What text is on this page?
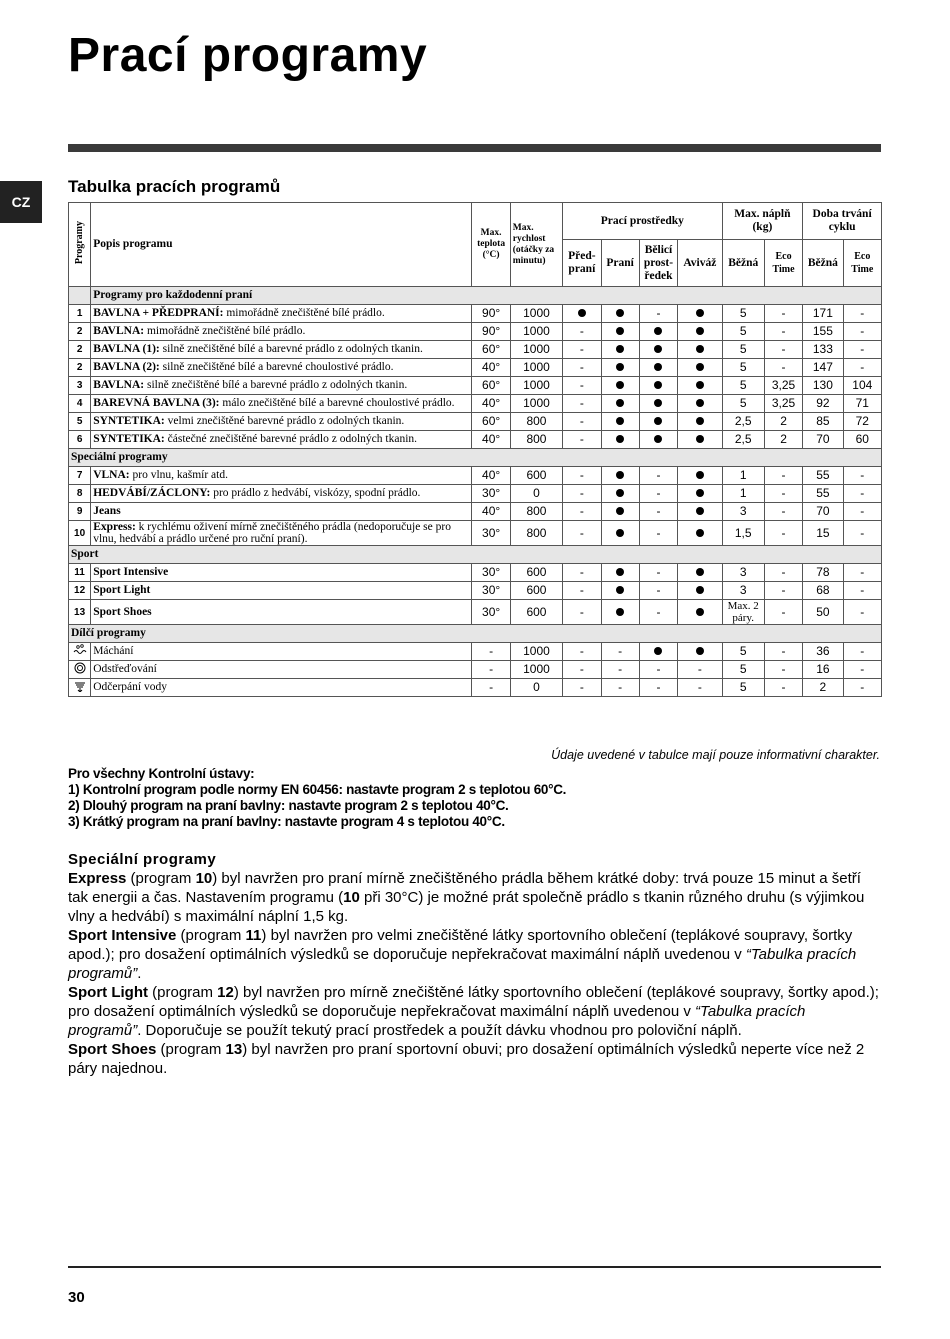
Prací programy
CZ
Tabulka pracích programů
Programy	Popis programu	Max. teplota (°C)	Max. rychlost (otáčky za minutu)	Prací prostředky				Max. náplň (kg)		Doba trvání cyklu	
				Před-praní	Praní	Bělicí prost-ředek	Aviváž	Běžná	Eco Time	Běžná	Eco Time
	Programy pro každodenní praní										
1	BAVLNA + PŘEDPRANÍ: mimořádně znečištěné bílé prádlo.	90°	1000			-		5	-	171	-
2	BAVLNA: mimořádně znečištěné bílé prádlo.	90°	1000	-				5	-	155	-
2	BAVLNA (1): silně znečištěné bílé a barevné prádlo z odolných tkanin.	60°	1000	-				5	-	133	-
2	BAVLNA (2): silně znečištěné bílé a barevné choulostivé prádlo.	40°	1000	-				5	-	147	-
3	BAVLNA: silně znečištěné bílé a barevné prádlo z odolných tkanin.	60°	1000	-				5	3,25	130	104
4	BAREVNÁ BAVLNA (3): málo znečištěné bílé a barevné choulostivé prádlo.	40°	1000	-				5	3,25	92	71
5	SYNTETIKA: velmi znečištěné barevné prádlo z odolných tkanin.	60°	800	-				2,5	2	85	72
6	SYNTETIKA: částečné znečištěné barevné prádlo z odolných tkanin.	40°	800	-				2,5	2	70	60
Speciální programy											
7	VLNA: pro vlnu, kašmír atd.	40°	600	-		-		1	-	55	-
8	HEDVÁBÍ/ZÁCLONY: pro prádlo z hedvábí, viskózy, spodní prádlo.	30°	0	-		-		1	-	55	-
9	Jeans	40°	800	-		-		3	-	70	-
10	Express: k rychlému oživení mírně znečištěného prádla (nedoporučuje se pro vlnu, hedvábí a prádlo určené pro ruční praní).	30°	800	-		-		1,5	-	15	-
Sport											
11	Sport Intensive	30°	600	-		-		3	-	78	-
12	Sport Light	30°	600	-		-		3	-	68	-
13	Sport Shoes	30°	600	-		-		Max. 2 páry.	-	50	-
Dílčí programy											
	Máchání	-	1000	-	-			5	-	36	-
	Odstřeďování	-	1000	-	-	-	-	5	-	16	-
	Odčerpání vody	-	0	-	-	-	-	5	-	2	-
Údaje uvedené v tabulce mají pouze informativní charakter.
Pro všechny Kontrolní ústavy:
1) Kontrolní program podle normy EN 60456: nastavte program 2 s teplotou 60°C.
2) Dlouhý program na praní bavlny: nastavte program 2 s teplotou 40°C.
3) Krátký program na praní bavlny: nastavte program 4 s teplotou 40°C.
Speciální programy

Express (program 10) byl navržen pro praní mírně znečištěného prádla během krátké doby: trvá pouze 15 minut a šetří tak energii a čas. Nastavením programu (10 při 30°C) je možné prát společně prádlo s tkanin různého druhu (s výjimkou vlny a hedvábí) s maximální náplní 1,5 kg.

Sport Intensive (program 11) byl navržen pro velmi znečištěné látky sportovního oblečení (teplákové soupravy, šortky apod.); pro dosažení optimálních výsledků se doporučuje nepřekračovat maximální náplň uvedenou v “Tabulka pracích programů”.

Sport Light (program 12) byl navržen pro mírně znečištěné látky sportovního oblečení (teplákové soupravy, šortky apod.); pro dosažení optimálních výsledků se doporučuje nepřekračovat maximální náplň uvedenou v “Tabulka pracích programů”. Doporučuje se použít tekutý prací prostředek a použít dávku vhodnou pro poloviční náplň.

Sport Shoes (program 13) byl navržen pro praní sportovní obuvi; pro dosažení optimálních výsledků neperte více než 2 páry najednou.

30
